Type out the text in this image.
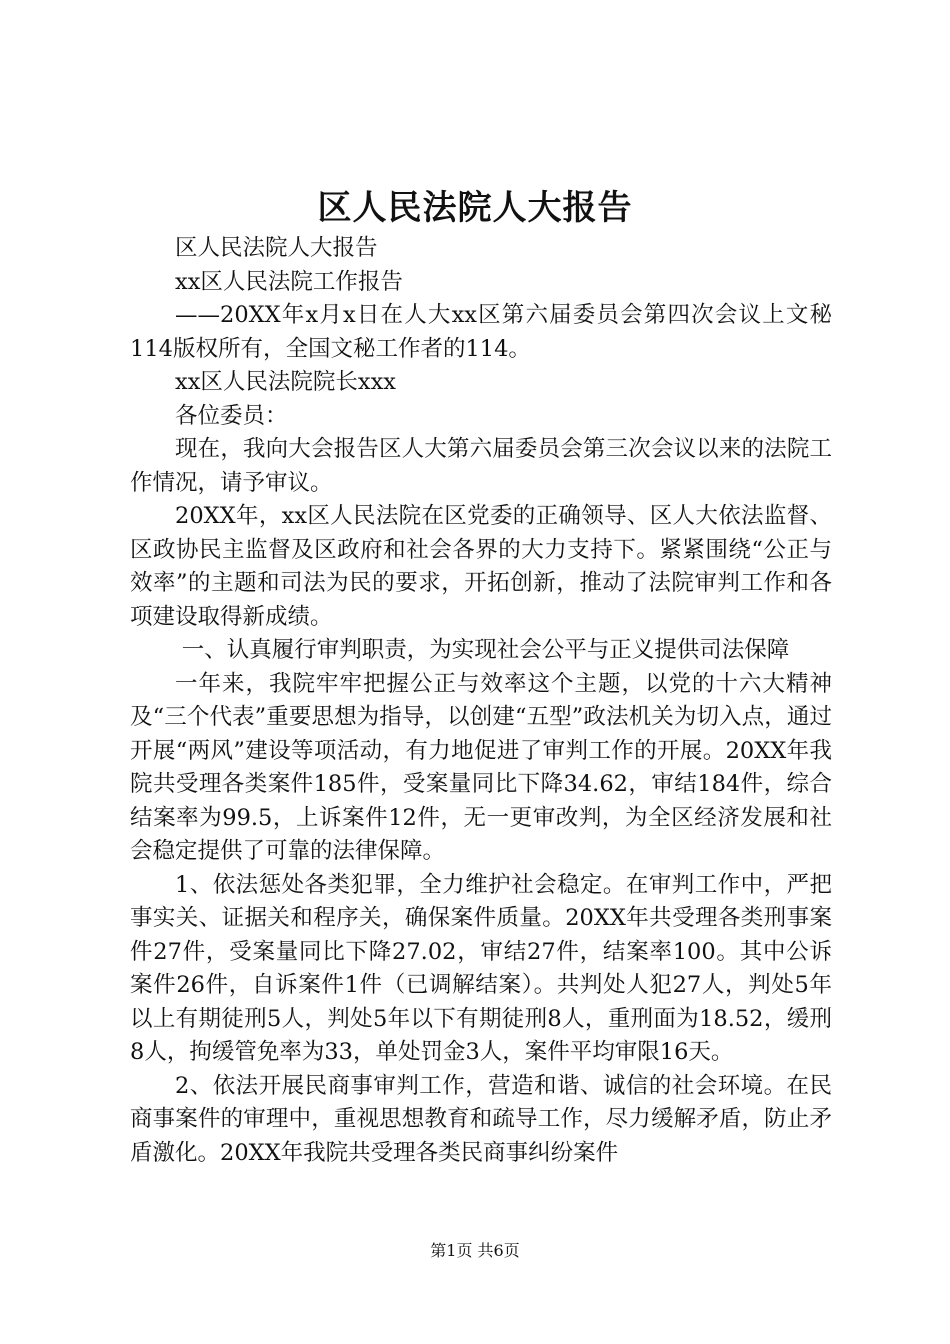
区人民法院人大报告

区人民法院人大报告

xx区人民法院工作报告

——20XX年x月x日在人大xx区第六届委员会第四次会议上文秘114版权所有，全国文秘工作者的114。

xx区人民法院院长xxx

各位委员：

现在，我向大会报告区人大第六届委员会第三次会议以来的法院工作情况，请予审议。

20XX年，xx区人民法院在区党委的正确领导、区人大依法监督、区政协民主监督及区政府和社会各界的大力支持下。紧紧围绕“公正与效率”的主题和司法为民的要求，开拓创新，推动了法院审判工作和各项建设取得新成绩。

一、认真履行审判职责，为实现社会公平与正义提供司法保障

一年来，我院牢牢把握公正与效率这个主题，以党的十六大精神及“三个代表”重要思想为指导，以创建“五型”政法机关为切入点，通过开展“两风”建设等项活动，有力地促进了审判工作的开展。20XX年我院共受理各类案件185件，受案量同比下降34.62，审结184件，综合结案率为99.5，上诉案件12件，无一更审改判，为全区经济发展和社会稳定提供了可靠的法律保障。

1、依法惩处各类犯罪，全力维护社会稳定。在审判工作中，严把事实关、证据关和程序关，确保案件质量。20XX年共受理各类刑事案件27件，受案量同比下降27.02，审结27件，结案率100。其中公诉案件26件，自诉案件1件（已调解结案）。共判处人犯27人，判处5年以上有期徒刑5人，判处5年以下有期徒刑8人，重刑面为18.52，缓刑8人，拘缓管免率为33，单处罚金3人，案件平均审限16天。

2、依法开展民商事审判工作，营造和谐、诚信的社会环境。在民商事案件的审理中，重视思想教育和疏导工作，尽力缓解矛盾，防止矛盾激化。20XX年我院共受理各类民商事纠纷案件

第1页 共6页
